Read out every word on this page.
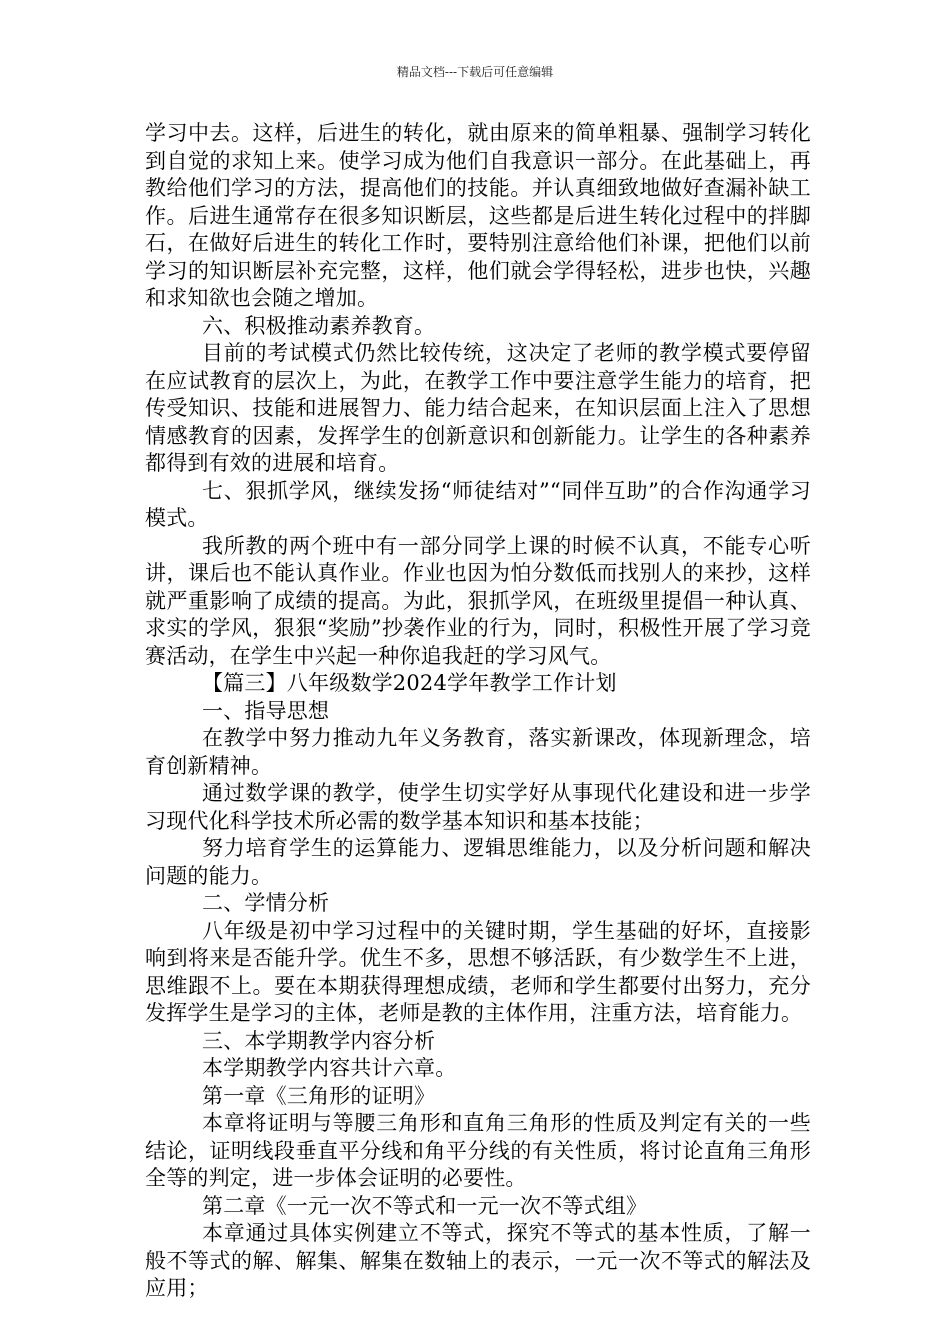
精品文档---下载后可任意编辑

学习中去。这样，后进生的转化，就由原来的简单粗暴、强制学习转化到自觉的求知上来。使学习成为他们自我意识一部分。在此基础上，再教给他们学习的方法，提高他们的技能。并认真细致地做好查漏补缺工作。后进生通常存在很多知识断层，这些都是后进生转化过程中的拌脚石，在做好后进生的转化工作时，要特别注意给他们补课，把他们以前学习的知识断层补充完整，这样，他们就会学得轻松，进步也快，兴趣和求知欲也会随之增加。

六、积极推动素养教育。

目前的考试模式仍然比较传统，这决定了老师的教学模式要停留在应试教育的层次上，为此，在教学工作中要注意学生能力的培育，把传受知识、技能和进展智力、能力结合起来，在知识层面上注入了思想情感教育的因素，发挥学生的创新意识和创新能力。让学生的各种素养都得到有效的进展和培育。

七、狠抓学风，继续发扬“师徒结对”“同伴互助”的合作沟通学习模式。

我所教的两个班中有一部分同学上课的时候不认真，不能专心听讲，课后也不能认真作业。作业也因为怕分数低而找别人的来抄，这样就严重影响了成绩的提高。为此，狠抓学风，在班级里提倡一种认真、求实的学风，狠狠“奖励”抄袭作业的行为，同时，积极性开展了学习竞赛活动，在学生中兴起一种你追我赶的学习风气。

【篇三】八年级数学2024学年教学工作计划

一、指导思想

在教学中努力推动九年义务教育，落实新课改，体现新理念，培育创新精神。

通过数学课的教学，使学生切实学好从事现代化建设和进一步学习现代化科学技术所必需的数学基本知识和基本技能；

努力培育学生的运算能力、逻辑思维能力，以及分析问题和解决问题的能力。

二、学情分析

八年级是初中学习过程中的关键时期，学生基础的好坏，直接影响到将来是否能升学。优生不多，思想不够活跃，有少数学生不上进，思维跟不上。要在本期获得理想成绩，老师和学生都要付出努力，充分发挥学生是学习的主体，老师是教的主体作用，注重方法，培育能力。

三、本学期教学内容分析

本学期教学内容共计六章。

第一章《三角形的证明》

本章将证明与等腰三角形和直角三角形的性质及判定有关的一些结论，证明线段垂直平分线和角平分线的有关性质，将讨论直角三角形全等的判定，进一步体会证明的必要性。

第二章《一元一次不等式和一元一次不等式组》

本章通过具体实例建立不等式，探究不等式的基本性质，了解一般不等式的解、解集、解集在数轴上的表示，一元一次不等式的解法及应用；
